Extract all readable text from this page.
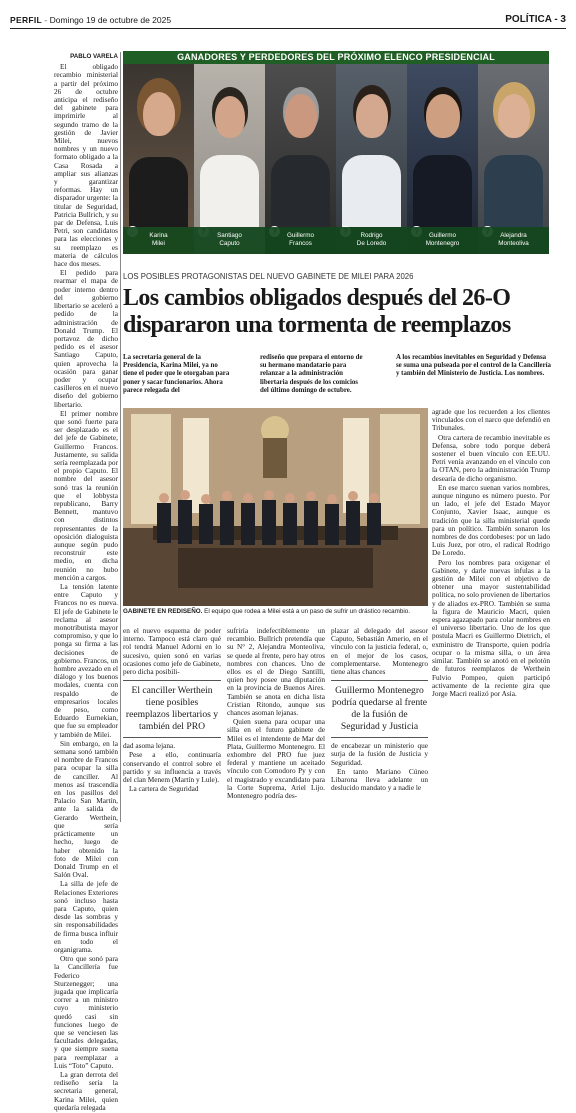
PERFIL - Domingo 19 de octubre de 2025	POLÍTICA - 3
PABLO VARELA

El obligado recambio ministerial a partir del próximo 26 de octubre anticipa el rediseño del gabinete para imprimirle al segundo tramo de la gestión de Javier Milei, nuevos nombres y un nuevo formato obligado a la Casa Rosada a ampliar sus alianzas y garantizar reformas. Hay un disparador urgente: la titular de Seguridad, Patricia Bullrich, y su par de Defensa, Luis Petri, son candidatos para las elecciones y su reemplazo es materia de cálculos hace dos meses.

El pedido para rearmar el mapa de poder interno dentro del gobierno libertario se aceleró a pedido de la administración de Donald Trump. El portavoz de dicho pedido es el asesor Santiago Caputo, quien aprovecha la ocasión para ganar poder y ocupar casilleros en el nuevo diseño del gobierno libertario.

El primer nombre que sonó fuerte para ser desplazado es el del jefe de Gabinete, Guillermo Francos. Justamente, su salida sería reemplazada por el propio Caputo. El nombre del asesor sonó tras la reunión que el lobbysta republicano, Barry Bennett, mantuvo con distintos representantes de la oposición dialoguista aunque según pudo reconstruir este medio, en dicha reunión no hubo mención a cargos.

La tensión latente entre Caputo y Francos no es nueva. El jefe de Gabinete le reclama al asesor monotributista mayor compromiso, y que lo ponga su firma a las decisiones de gobierno. Francos, un hombre avezado en el diálogo y los buenos modales, cuenta con respaldo de empresarios locales de peso, como Eduardo Eurnekian, que fue su empleador y también de Milei.

Sin embargo, en la semana sonó también el nombre de Francos para ocupar la silla de canciller. Al menos así trascendía en los pasillos del Palacio San Martín, ante la salida de Gerardo Werthein, que sería prácticamente un hecho, luego de haber obtenido la foto de Milei con Donald Trump en el Salón Oval.

La silla de jefe de Relaciones Exteriores sonó incluso hasta para Caputo, quien desde las sombras y sin responsabilidades de firma busca influir en todo el organigrama.

Otro que sonó para la Cancillería fue Federico Sturzenegger; una jugada que implicaría correr a un ministro cuyo ministerio quedó casi sin funciones luego de que se venciesen las facultades delegadas, y que siempre suena para reemplazar a Luis “Toto” Caputo.

La gran derrota del rediseño sería la secretaria general, Karina Milei, quien quedaría relegada

GANADORES Y PERDEDORES DEL PRÓXIMO ELENCO PRESIDENCIAL
Karina
Milei
Santiago
Caputo
Guillermo
Francos
Rodrigo
De Loredo
Guillermo
Montenegro
Alejandra
Monteoliva
LOS POSIBLES PROTAGONISTAS DEL NUEVO GABINETE DE MILEI PARA 2026
Los cambios obligados después del 26-O
dispararon una tormenta de reemplazos
La secretaria general de la Presidencia, Karina Milei, ya no tiene el poder que le otorgaban para poner y sacar funcionarios. Ahora parece relegada del
rediseño que prepara el entorno de su hermano mandatario para relanzar a la administración libertaria después de los comicios del último domingo de octubre.
A los recambios inevitables en Seguridad y Defensa se suma una pulseada por el control de la Cancillería y también del Ministerio de Justicia. Los nombres.
GABINETE EN REDISEÑO. El equipo que rodea a Milei está a un paso de sufrir un drástico recambio.

agrade que los recuerden a los clientes vinculados con el narco que defendió en Tribunales.

Otra cartera de recambio inevitable es Defensa, sobre todo porque deberá sostener el buen vínculo con EE.UU. Petri venía avanzando en el vínculo con la OTAN, pero la administración Trump desearía de dicho organismo.

En ese marco suenan varios nombres, aunque ninguno es número puesto. Por un lado, el jefe del Estado Mayor Conjunto, Xavier Isaac, aunque es tradición que la silla ministerial quede para un político. También sonaron los nombres de dos cordobeses: por un lado Luis Juez, por otro, el radical Rodrigo De Loredo.

Pero los nombres para oxigenar el Gabinete, y darle nuevas infulas a la gestión de Milei con el objetivo de obtener una mayor sustentabilidad política, no solo provienen de libertarios y de aliados ex-PRO. También se suma la figura de Mauricio Macri, quien espera agazapado para colar nombres en el universo libertario. Uno de los que postula Macri es Guillermo Dietrich, el exministro de Transporte, quien podría ocupar o la misma silla, o un área similar. También se anotó en el pelotón de futuros reemplazos de Werthein Fulvio Pompeo, quien participó activamente de la reciente gira que Jorge Macri realizó por Asia.

en el nuevo esquema de poder interno. Tampoco está claro qué rol tendrá Manuel Adorni en lo sucesivo, quien sonó en varias ocasiones como jefe de Gabinete, pero dicha posibili-

El canciller Werthein tiene posibles reemplazos libertarios y también del PRO

dad asoma lejana.

Pese a ello, continuaría conservando el control sobre el partido y su influencia a través del clan Menem (Martín y Lule).

La cartera de Seguridad

sufriría indefectiblemente un recambio. Bullrich pretendía que su N° 2, Alejandra Monteoliva, se quede al frente, pero hay otros nombres con chances. Uno de ellos es el de Diego Santilli, quien hoy posee una diputación en la provincia de Buenos Aires. También se anota en dicha lista Cristian Ritondo, aunque sus chances asoman lejanas.

Quien suena para ocupar una silla en el futuro gabinete de Milei es el intendente de Mar del Plata, Guillermo Montenegro. El exhombre del PRO fue juez federal y mantiene un aceitado vínculo con Comodoro Py y con el magistrado y excandidato para la Corte Suprema, Ariel Lijo. Montenegro podría des-

plazar al delegado del asesor Caputo, Sebastián Amerio, en el vínculo con la justicia federal, o, en el mejor de los casos, complementarse. Montenegro tiene altas chances

Guillermo Montenegro podría quedarse al frente de la fusión de Seguridad y Justicia

de encabezar un ministerio que surja de la fusión de Justicia y Seguridad.

En tanto Mariano Cúneo Libarona lleva adelante un deslucido mandato y a nadie le
